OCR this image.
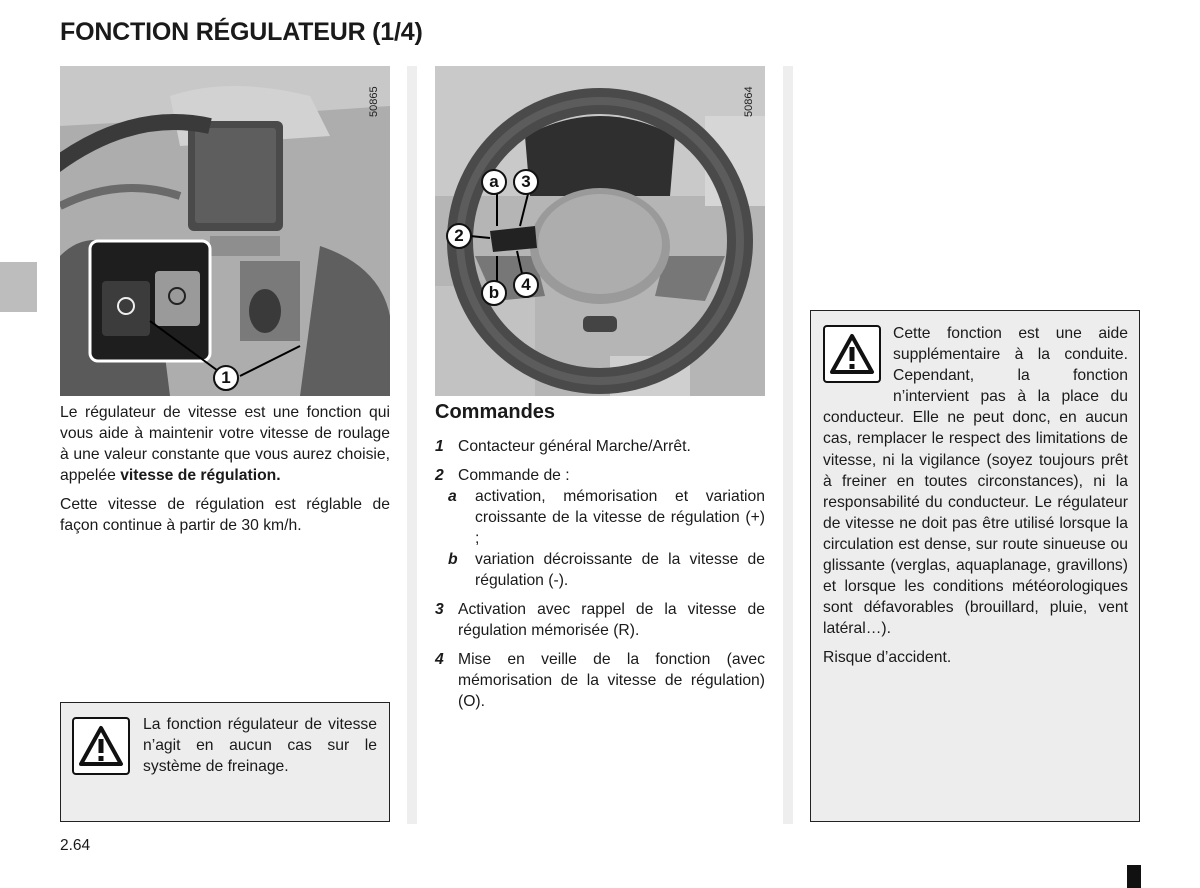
FONCTION RÉGULATEUR (1/4)
50865
1
50864
a	3
2
4
b

Le régulateur de vitesse est une fonction qui vous aide à maintenir votre vitesse de roulage à une valeur constante que vous aurez choisie, appelée vitesse de régulation.

Cette vitesse de régulation est réglable de façon continue à partir de 30 km/h.

La fonction régulateur de vitesse n’agit en aucun cas sur le système de freinage.
Commandes
1 Contacteur général Marche/Arrêt.
2 Commande de :
a activation, mémorisation et variation croissante de la vitesse de régulation (+) ;
b variation décroissante de la vitesse de régulation (-).
3 Activation avec rappel de la vitesse de régulation mémorisée (R).
4 Mise en veille de la fonction (avec mémorisation de la vitesse de régulation) (O).
Cette fonction est une aide supplémentaire à la conduite. Cependant, la fonction n’intervient pas à la place du conducteur. Elle ne peut donc, en aucun cas, remplacer le respect des limitations de vitesse, ni la vigilance (soyez toujours prêt à freiner en toutes circonstances), ni la responsabilité du conducteur. Le régulateur de vitesse ne doit pas être utilisé lorsque la circulation est dense, sur route sinueuse ou glissante (verglas, aquaplanage, gravillons) et lorsque les conditions météorologiques sont défavorables (brouillard, pluie, vent latéral…).
Risque d’accident.
2.64
